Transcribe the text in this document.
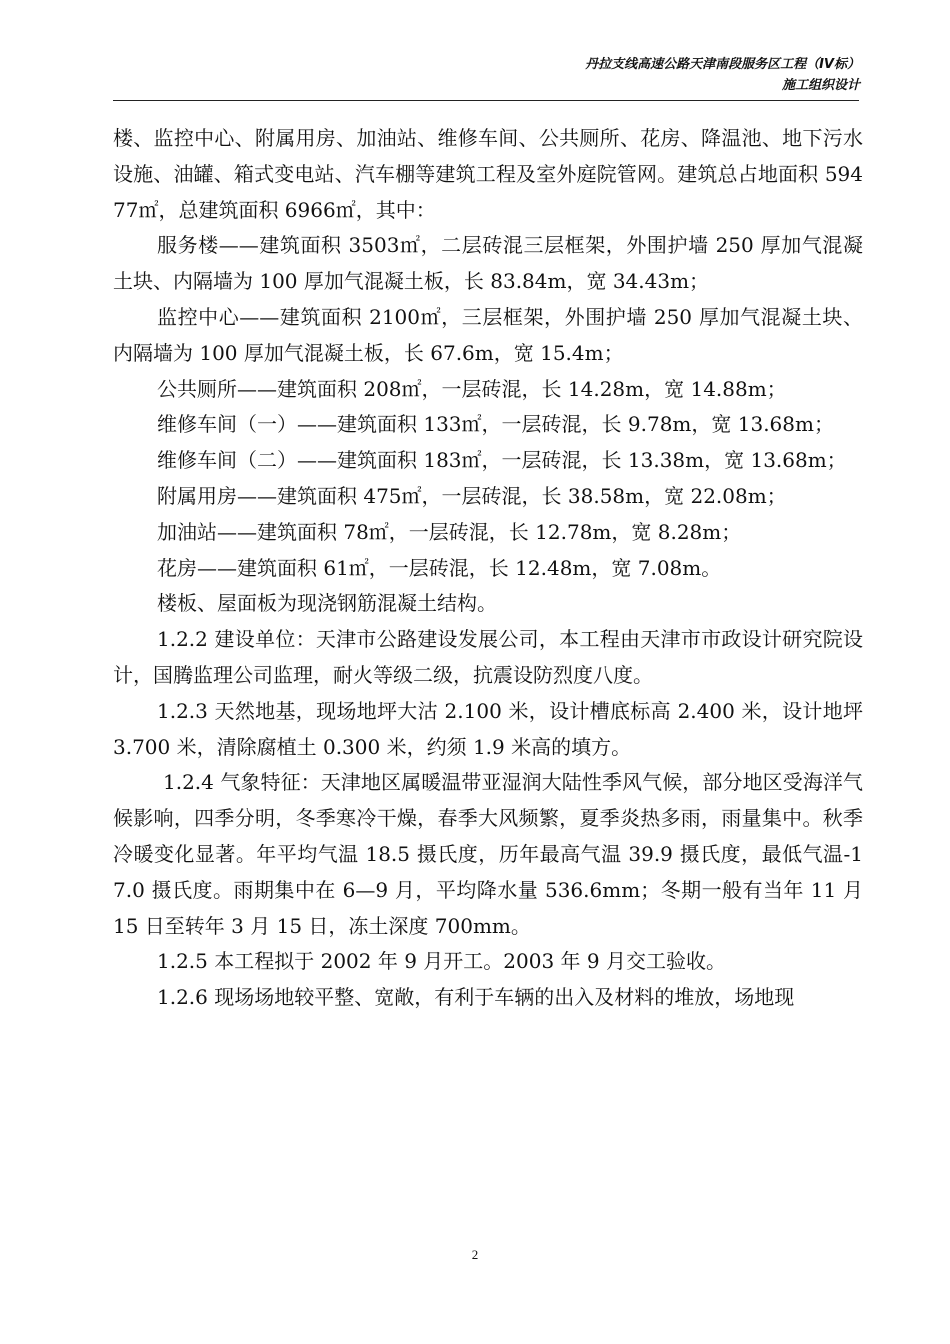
丹拉支线高速公路天津南段服务区工程（IV标）
施工组织设计

楼、监控中心、附属用房、加油站、维修车间、公共厕所、花房、降温池、地下污水设施、油罐、箱式变电站、汽车棚等建筑工程及室外庭院管网。建筑总占地面积 59477㎡，总建筑面积 6966㎡，其中：

服务楼——建筑面积 3503㎡，二层砖混三层框架，外围护墙 250 厚加气混凝土块、内隔墙为 100 厚加气混凝土板，长 83.84m，宽 34.43m；

监控中心——建筑面积 2100㎡，三层框架，外围护墙 250 厚加气混凝土块、内隔墙为 100 厚加气混凝土板，长 67.6m，宽 15.4m；

公共厕所——建筑面积 208㎡，一层砖混，长 14.28m，宽 14.88m；

维修车间（一）——建筑面积 133㎡，一层砖混，长 9.78m，宽 13.68m；

维修车间（二）——建筑面积 183㎡，一层砖混，长 13.38m，宽 13.68m；

附属用房——建筑面积 475㎡，一层砖混，长 38.58m，宽 22.08m；

加油站——建筑面积 78㎡，一层砖混，长 12.78m，宽 8.28m；

花房——建筑面积 61㎡，一层砖混，长 12.48m，宽 7.08m。

楼板、屋面板为现浇钢筋混凝土结构。

1.2.2 建设单位：天津市公路建设发展公司，本工程由天津市市政设计研究院设计，国腾监理公司监理，耐火等级二级，抗震设防烈度八度。

1.2.3 天然地基，现场地坪大沽 2.100 米，设计槽底标高 2.400 米，设计地坪 3.700 米，清除腐植土 0.300 米，约须 1.9 米高的填方。

1.2.4 气象特征：天津地区属暖温带亚湿润大陆性季风气候，部分地区受海洋气候影响，四季分明，冬季寒冷干燥，春季大风频繁，夏季炎热多雨，雨量集中。秋季冷暖变化显著。年平均气温 18.5 摄氏度，历年最高气温 39.9 摄氏度，最低气温-17.0 摄氏度。雨期集中在 6—9 月，平均降水量 536.6mm；冬期一般有当年 11 月 15 日至转年 3 月 15 日，冻土深度 700mm。

1.2.5 本工程拟于 2002 年 9 月开工。2003 年 9 月交工验收。

1.2.6 现场场地较平整、宽敞，有利于车辆的出入及材料的堆放，场地现

2
